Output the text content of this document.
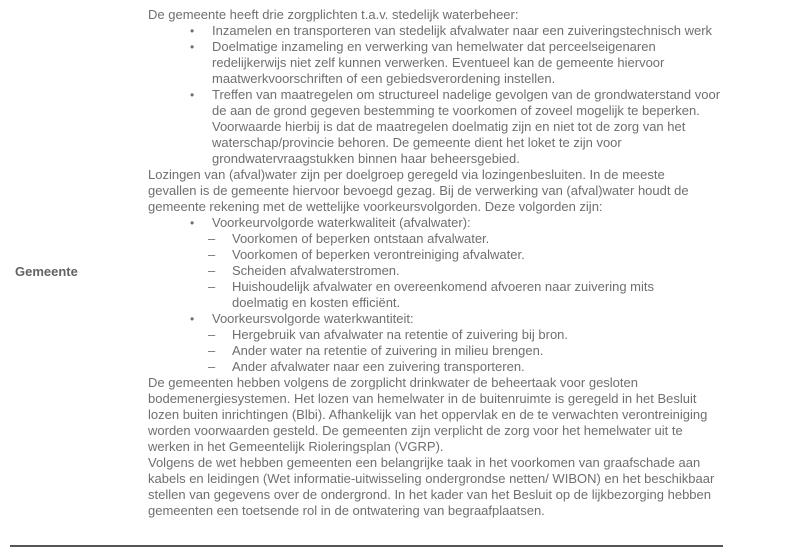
Gemeente

De gemeente heeft drie zorgplichten t.a.v. stedelijk waterbeheer:

•	Inzamelen en transporteren van stedelijk afvalwater naar een zuiveringstechnisch werk
•	Doelmatige inzameling en verwerking van hemelwater dat perceelseigenaren redelijkerwijs niet zelf kunnen verwerken. Eventueel kan de gemeente hiervoor maatwerkvoorschriften of een gebiedsverordening instellen.
•	Treffen van maatregelen om structureel nadelige gevolgen van de grondwaterstand voor de aan de grond gegeven bestemming te voorkomen of zoveel mogelijk te beperken. Voorwaarde hierbij is dat de maatregelen doelmatig zijn en niet tot de zorg van het waterschap/provincie behoren. De gemeente dient het loket te zijn voor grondwatervraagstukken binnen haar beheersgebied.

Lozingen van (afval)water zijn per doelgroep geregeld via lozingenbesluiten. In de meeste gevallen is de gemeente hiervoor bevoegd gezag. Bij de verwerking van (afval)water houdt de gemeente rekening met de wettelijke voorkeursvolgorden. Deze volgorden zijn:

•	Voorkeurvolgorde waterkwaliteit (afvalwater):
–	Voorkomen of beperken ontstaan afvalwater.
–	Voorkomen of beperken verontreiniging afvalwater.
–	Scheiden afvalwaterstromen.
–	Huishoudelijk afvalwater en overeenkomend afvoeren naar zuivering mits doelmatig en kosten efficiënt.
•	Voorkeursvolgorde waterkwantiteit:
–	Hergebruik van afvalwater na retentie of zuivering bij bron.
–	Ander water na retentie of zuivering in milieu brengen.
–	Ander afvalwater naar een zuivering transporteren.

De gemeenten hebben volgens de zorgplicht drinkwater de beheertaak voor gesloten bodemenergiesystemen. Het lozen van hemelwater in de buitenruimte is geregeld in het Besluit lozen buiten inrichtingen (Blbi). Afhankelijk van het oppervlak en de te verwachten verontreiniging worden voorwaarden gesteld. De gemeenten zijn verplicht de zorg voor het hemelwater uit te werken in het Gemeentelijk Rioleringsplan (VGRP).

Volgens de wet hebben gemeenten een belangrijke taak in het voorkomen van graafschade aan kabels en leidingen (Wet informatie-uitwisseling ondergrondse netten/ WIBON) en het beschikbaar stellen van gegevens over de ondergrond. In het kader van het Besluit op de lijkbezorging hebben gemeenten een toetsende rol in de ontwatering van begraafplaatsen.
